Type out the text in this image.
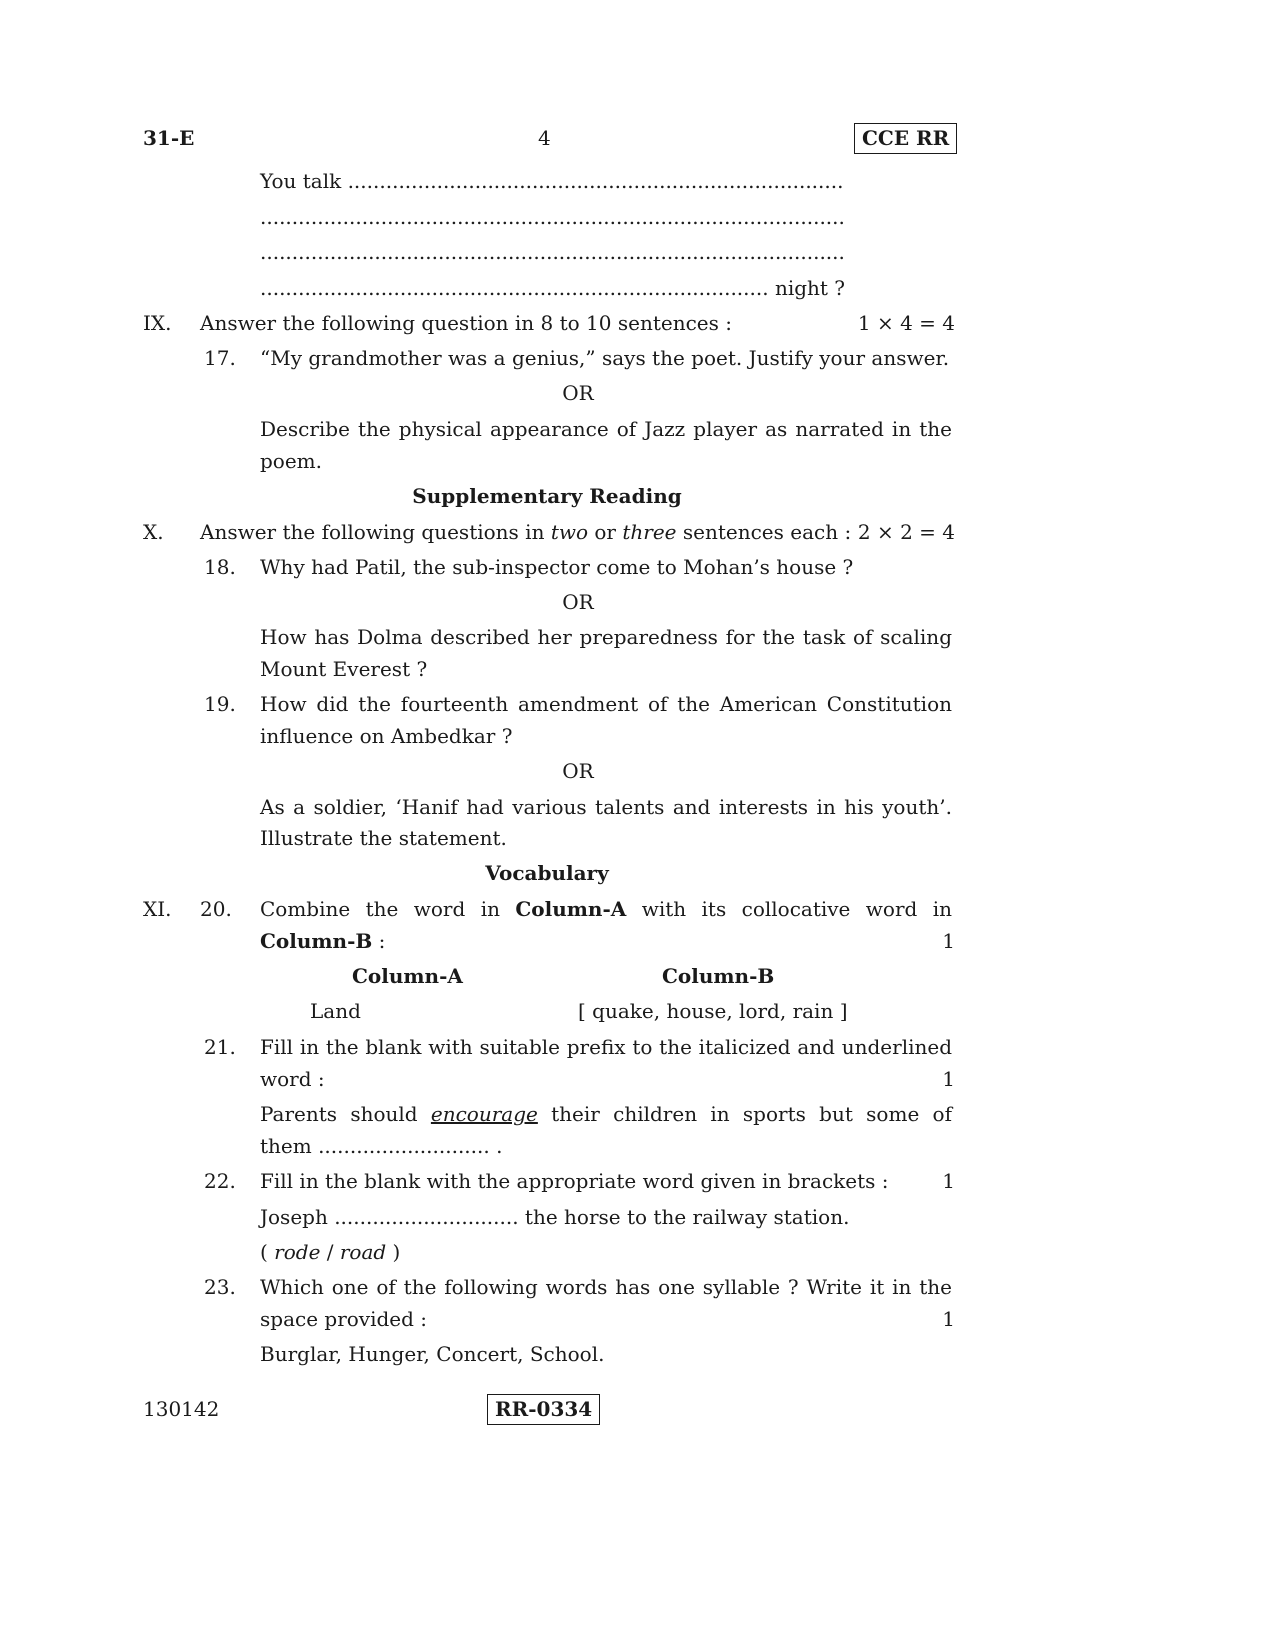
31-E	4	CCE RR
You talk ..............................................................................
............................................................................................
............................................................................................
................................................................................ night ?
IX. Answer the following question in 8 to 10 sentences :	1 × 4 = 4
17. “My grandmother was a genius,” says the poet. Justify your answer.
OR
Describe the physical appearance of Jazz player as narrated in the
poem.
Supplementary Reading
X. Answer the following questions in two or three sentences each : 2 × 2 = 4
18. Why had Patil, the sub-inspector come to Mohan’s house ?
OR
How has Dolma described her preparedness for the task of scaling
Mount Everest ?
19. How did the fourteenth amendment of the American Constitution
influence on Ambedkar ?
OR
As a soldier, ‘Hanif had various talents and interests in his youth’.
Illustrate the statement.
Vocabulary
XI. 20. Combine the word in Column-A with its collocative word in
Column-B :	1
Column-A	Column-B
Land	[ quake, house, lord, rain ]
21. Fill in the blank with suitable prefix to the italicized and underlined
word :	1
Parents should encourage their children in sports but some of
them ........................... .
22. Fill in the blank with the appropriate word given in brackets :	1
Joseph ............................. the horse to the railway station.
( rode / road )
23. Which one of the following words has one syllable ? Write it in the
space provided :	1
Burglar, Hunger, Concert, School.
130142	RR-0334
